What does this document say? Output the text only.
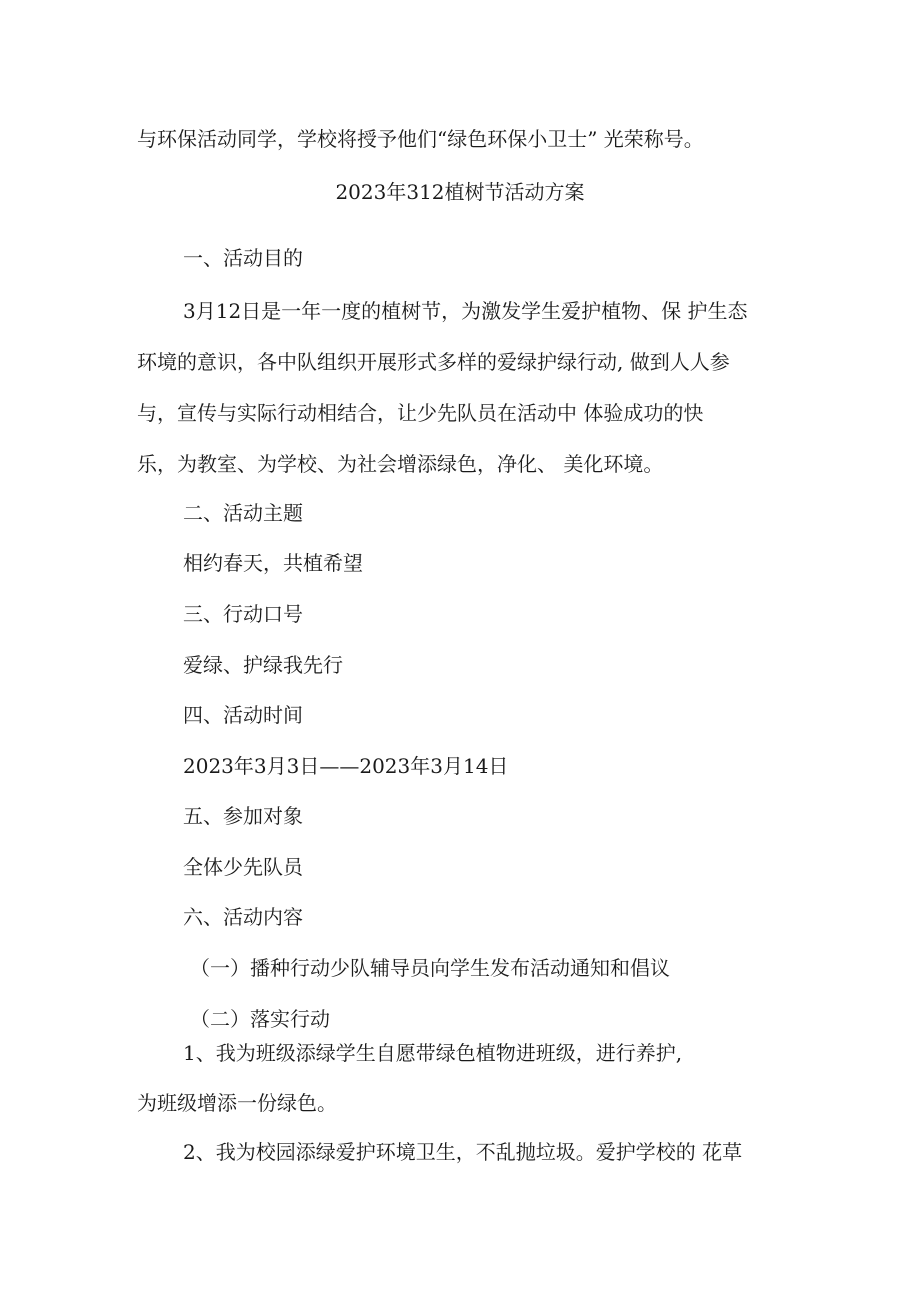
与环保活动同学，学校将授予他们“绿色环保小卫士” 光荣称号。

2023年312植树节活动方案

一、活动目的

3月12日是一年一度的植树节，为激发学生爱护植物、保 护生态

环境的意识，各中队组织开展形式多样的爱绿护绿行动, 做到人人参

与，宣传与实际行动相结合，让少先队员在活动中 体验成功的快

乐，为教室、为学校、为社会增添绿色，净化、 美化环境。

二、活动主题

相约春天，共植希望

三、行动口号

爱绿、护绿我先行

四、活动时间

2023年3月3日——2023年3月14日

五、参加对象

全体少先队员

六、活动内容

（一）播种行动少队辅导员向学生发布活动通知和倡议

（二）落实行动

1、我为班级添绿学生自愿带绿色植物进班级，进行养护,

为班级增添一份绿色。

2、我为校园添绿爱护环境卫生，不乱抛垃圾。爱护学校的 花草
